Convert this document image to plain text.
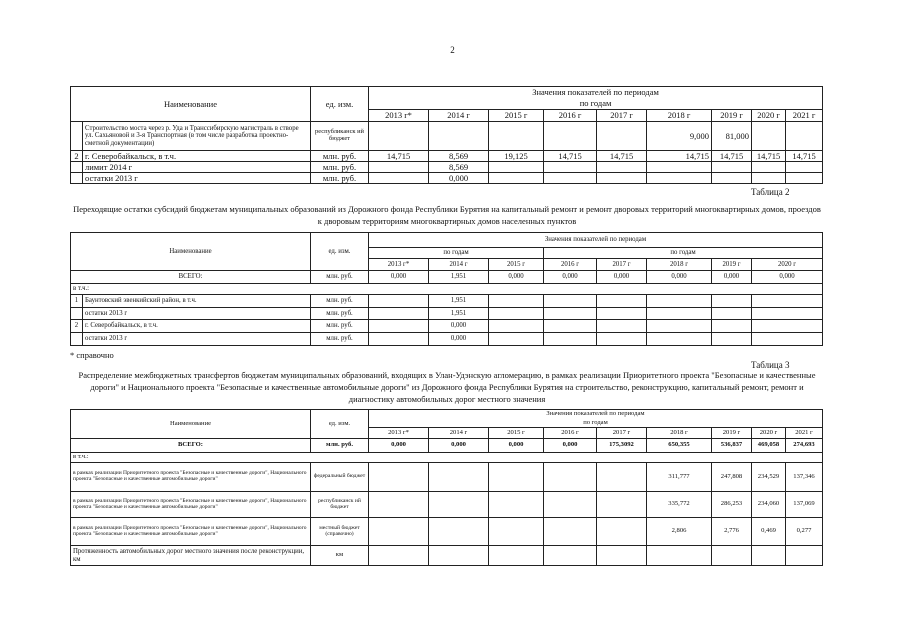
2
Наименование		ед. изм.	Значения показателей по периодам								
			по годам								
			2013 г*	2014 г	2015 г	2016 г	2017 г	2018 г	2019 г	2020 г	2021 г
	Строительство моста через р. Уда и Транссибирскую магистраль в створе ул. Сахьяновой и 3-я Транспортная (в том числе разработка проектно-сметной документации)	республиканск ий бюджет						9,000	81,000		
2	г. Северобайкальск, в т.ч.	млн. руб.	14,715	8,569	19,125	14,715	14,715	14,715	14,715	14,715	14,715
	лимит 2014 г	млн. руб.		8,569							
	остатки 2013 г	млн. руб.		0,000							
Таблица 2
Переходящие остатки субсидий бюджетам муниципальных образований из Дорожного фонда Республики Бурятия на капитальный ремонт и ремонт дворовых территорий многоквартирных домов, проездов к дворовым территориям многоквартирных домов населенных пунктов
Наименование		ед. изм.	Значения показателей по периодам							
			по годам			по годам				
			2013 г*	2014 г	2015 г	2016 г	2017 г	2018 г	2019 г	2020 г
ВСЕГО:		млн. руб.	0,000	1,951	0,000	0,000	0,000	0,000	0,000	0,000
в т.ч.:										
1	Баунтовский эвенкийский район, в т.ч.	млн. руб.		1,951						
	остатки 2013 г	млн. руб.		1,951						
2	г. Северобайкальск, в т.ч.	млн. руб.		0,000						
	остатки 2013 г	млн. руб.		0,000						
* справочно
Таблица 3
Распределение межбюджетных трансфертов бюджетам муниципальных образований, входящих в Улан-Удэнскую агломерацию, в рамках реализации Приоритетного проекта "Безопасные и качественные дороги" и Национального проекта "Безопасные и качественные автомобильные дороги" из Дорожного фонда Республики Бурятия на строительство, реконструкцию, капитальный ремонт, ремонт и диагностику автомобильных дорог местного значения
Наименование	ед. изм.	Значения показателей по периодам								
		по годам								
		2013 г*	2014 г	2015 г	2016 г	2017 г	2018 г	2019 г	2020 г	2021 г
ВСЕГО:	млн. руб.	0,000	0,000	0,000	0,000	175,3092	650,355	536,837	469,058	274,693
в т.ч.:										
в рамках реализации Приоритетного проекта "Безопасные и качественные дороги", Национального проекта "Безопасные и качественные автомобильные дороги"	федеральный бюджет						311,777	247,808	234,529	137,346
в рамках реализации Приоритетного проекта "Безопасные и качественные дороги", Национального проекта "Безопасные и качественные автомобильные дороги"	республиканск ий бюджет						335,772	286,253	234,060	137,069
в рамках реализации Приоритетного проекта "Безопасные и качественные дороги", Национального проекта "Безопасные и качественные автомобильные дороги"	местный бюджет (справочно)						2,806	2,776	0,469	0,277
Протяженность автомобильных дорог местного значения после реконструкции, км	км									
